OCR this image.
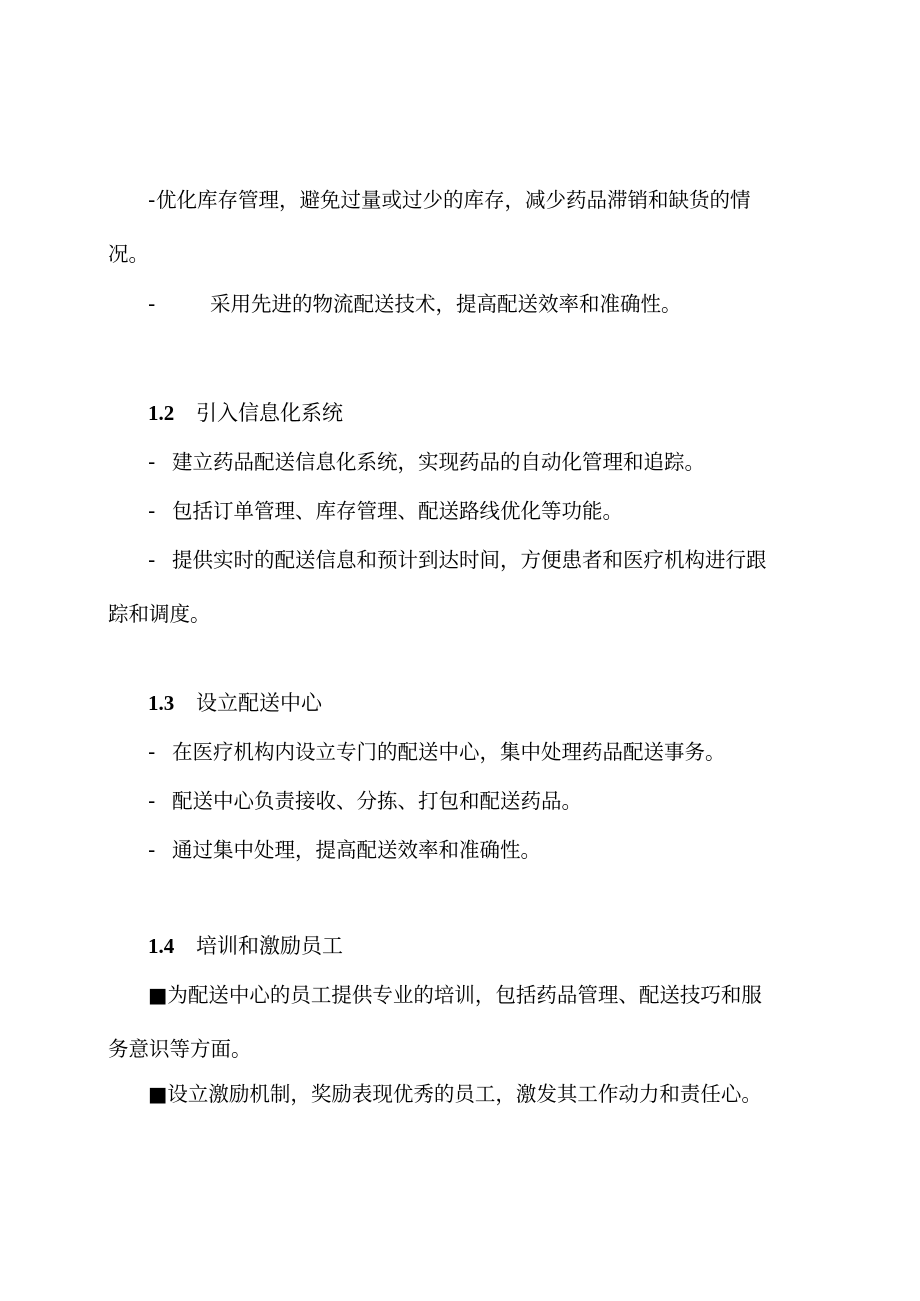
-优化库存管理，避免过量或过少的库存，减少药品滞销和缺货的情
况。
-	采用先进的物流配送技术，提高配送效率和准确性。
1.2 引入信息化系统
- 建立药品配送信息化系统，实现药品的自动化管理和追踪。
- 包括订单管理、库存管理、配送路线优化等功能。
- 提供实时的配送信息和预计到达时间，方便患者和医疗机构进行跟
踪和调度。
1.3 设立配送中心
- 在医疗机构内设立专门的配送中心，集中处理药品配送事务。
- 配送中心负责接收、分拣、打包和配送药品。
- 通过集中处理，提高配送效率和准确性。
1.4 培训和激励员工
■为配送中心的员工提供专业的培训，包括药品管理、配送技巧和服
务意识等方面。
■设立激励机制，奖励表现优秀的员工，激发其工作动力和责任心。
